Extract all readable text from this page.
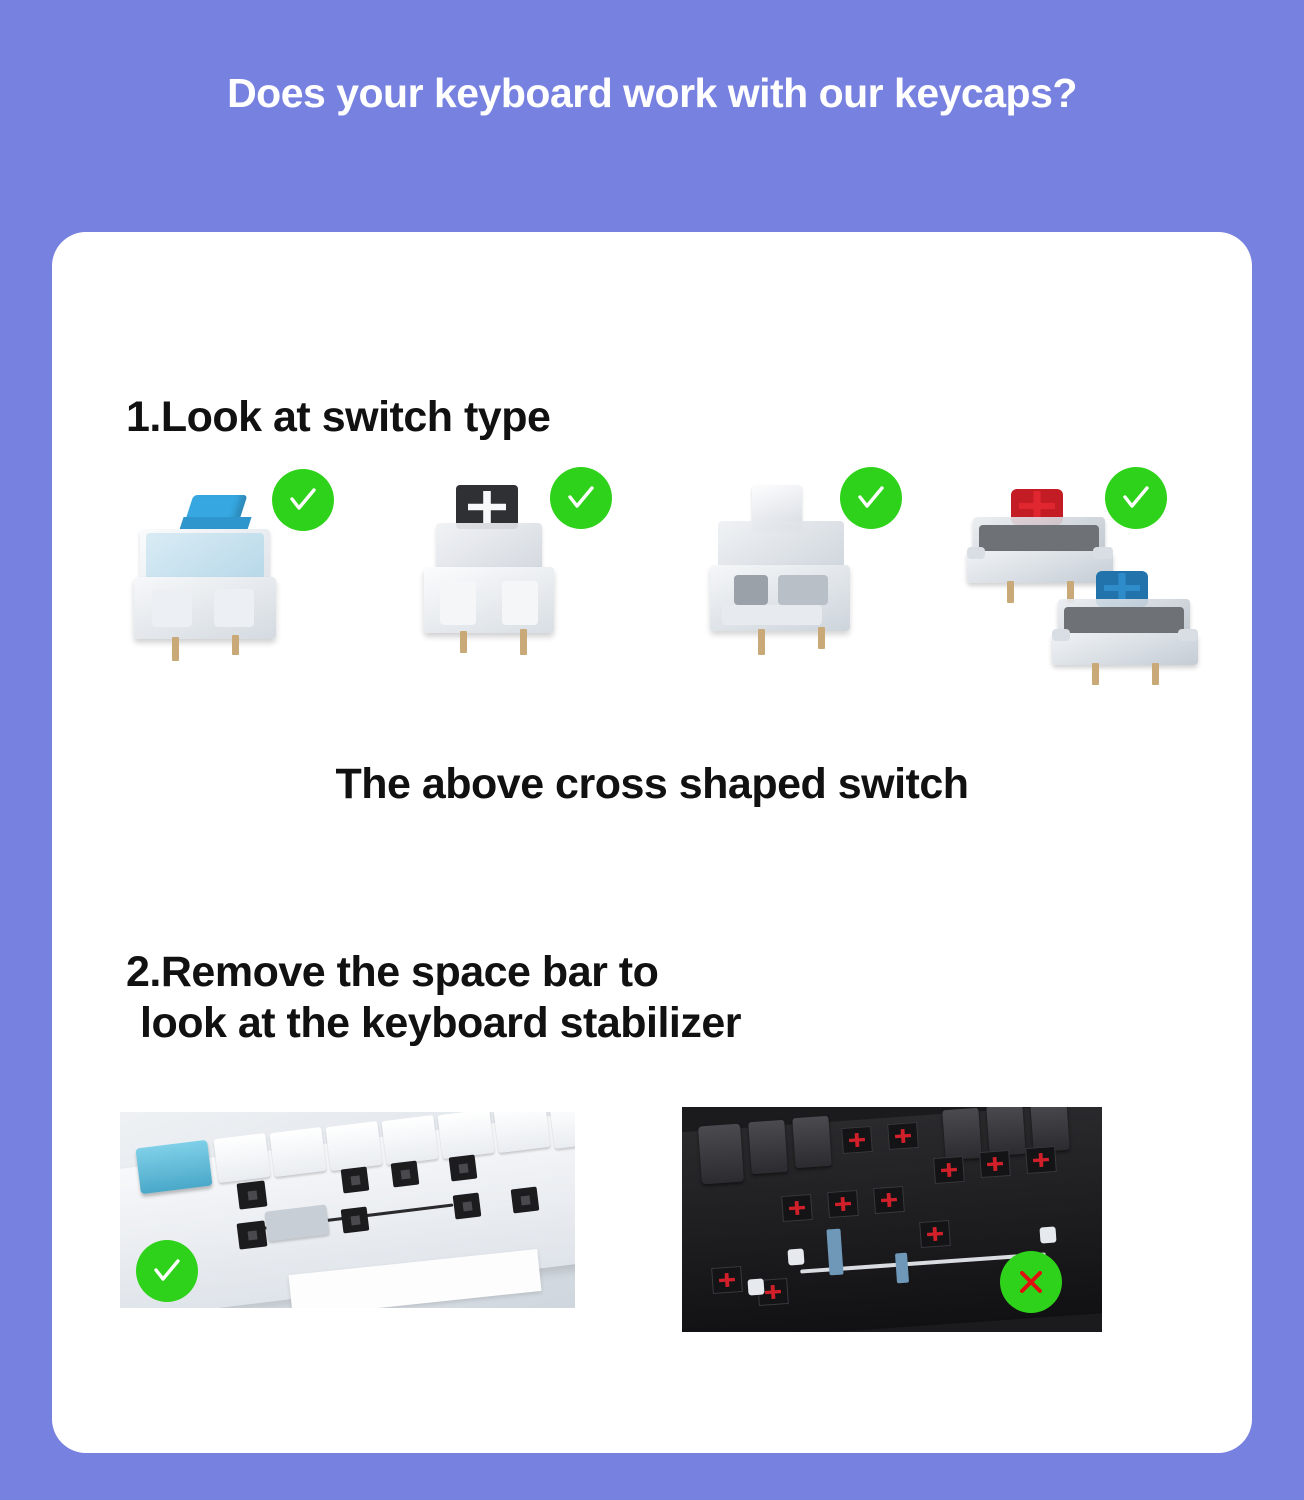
Does your keyboard work with our keycaps?
1.Look at switch type
The above cross shaped switch
2.Remove the space bar to
look at the keyboard stabilizer
